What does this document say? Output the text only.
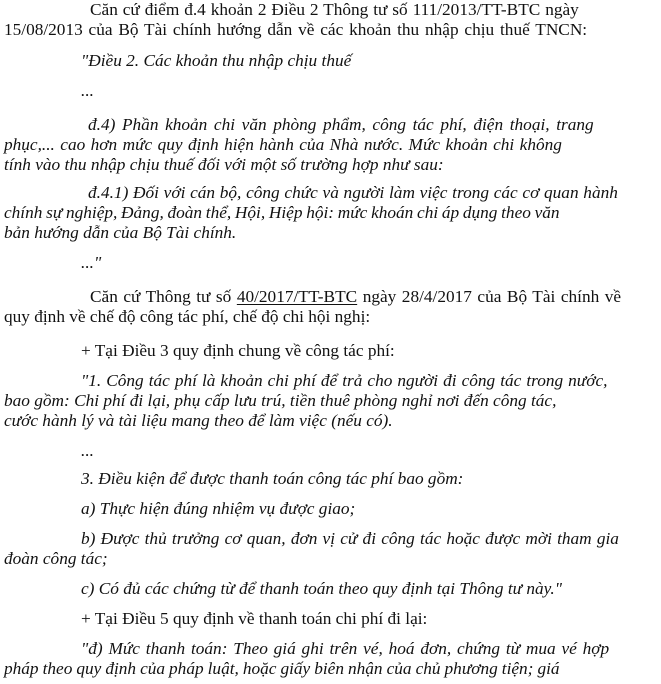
Căn cứ điểm đ.4 khoản 2 Điều 2 Thông tư số 111/2013/TT-BTC ngày

15/08/2013 của Bộ Tài chính hướng dẫn về các khoản thu nhập chịu thuế TNCN:

"Điều 2. Các khoản thu nhập chịu thuế

...

đ.4) Phần khoản chi văn phòng phẩm, công tác phí, điện thoại, trang

phục,... cao hơn mức quy định hiện hành của Nhà nước. Mức khoản chi không

tính vào thu nhập chịu thuế đối với một số trường hợp như sau:

đ.4.1) Đối với cán bộ, công chức và người làm việc trong các cơ quan hành

chính sự nghiệp, Đảng, đoàn thể, Hội, Hiệp hội: mức khoán chi áp dụng theo văn

bản hướng dẫn của Bộ Tài chính.

..."

Căn cứ Thông tư số 40/2017/TT-BTC ngày 28/4/2017 của Bộ Tài chính về

quy định về chế độ công tác phí, chế độ chi hội nghị:

+ Tại Điều 3 quy định chung về công tác phí:

"1. Công tác phí là khoản chi phí để trả cho người đi công tác trong nước,

bao gồm: Chi phí đi lại, phụ cấp lưu trú, tiền thuê phòng nghỉ nơi đến công tác,

cước hành lý và tài liệu mang theo để làm việc (nếu có).

...

3. Điều kiện để được thanh toán công tác phí bao gồm:

a) Thực hiện đúng nhiệm vụ được giao;

b) Được thủ trưởng cơ quan, đơn vị cử đi công tác hoặc được mời tham gia

đoàn công tác;

c) Có đủ các chứng từ để thanh toán theo quy định tại Thông tư này."

+ Tại Điều 5 quy định về thanh toán chi phí đi lại:

"đ) Mức thanh toán: Theo giá ghi trên vé, hoá đơn, chứng từ mua vé hợp

pháp theo quy định của pháp luật, hoặc giấy biên nhận của chủ phương tiện; giá
